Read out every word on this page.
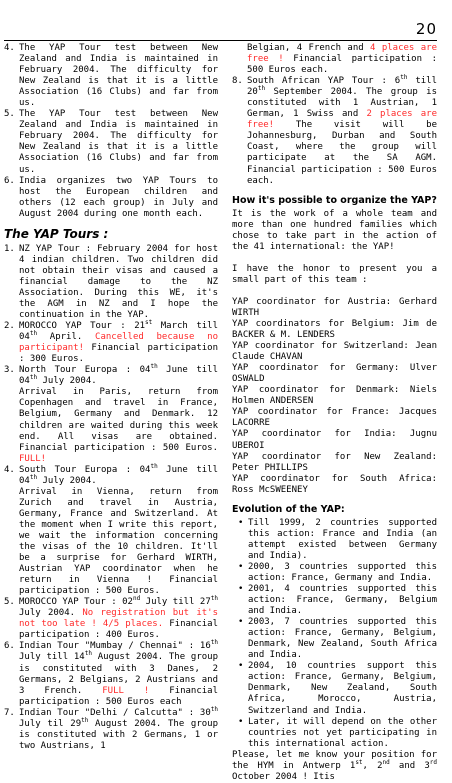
20
4. The YAP Tour test between New Zealand and India is maintained in February 2004. The difficulty for New Zealand is that it is a little Association (16 Clubs) and far from us.
5. The YAP Tour test between New Zealand and India is maintained in February 2004. The difficulty for New Zealand is that it is a little Association (16 Clubs) and far from us.
6. India organizes two YAP Tours to host the European children and others (12 each group) in July and August 2004 during one month each.
The YAP Tours :
1. NZ YAP Tour : February 2004 for host 4 indian children. Two children did not obtain their visas and caused a financial damage to the NZ Association. During this WE, it's the AGM in NZ and I hope the continuation in the YAP.
2. MOROCCO YAP Tour : 21st March till 04th April. Cancelled because no participant! Financial participation : 300 Euros.
3. North Tour Europa : 04th June till 04th July 2004.
Arrival in Paris, return from Copenhagen and travel in France, Belgium, Germany and Denmark. 12 children are waited during this week end. All visas are obtained. Financial participation : 500 Euros. FULL!
4. South Tour Europa : 04th June till 04th July 2004.
Arrival in Vienna, return from Zurich and travel in Austria, Germany, France and Switzerland. At the moment when I write this report, we wait the information concerning the visas of the 10 children. It'll be a surprise for Gerhard WIRTH, Austrian YAP coordinator when he return in Vienna ! Financial participation : 500 Euros.
5. MOROCCO YAP Tour : 02nd July till 27th July 2004. No registration but it's not too late ! 4/5 places. Financial participation : 400 Euros.
6. Indian Tour "Mumbay / Chennai" : 16th July till 14th August 2004. The group is constituted with 3 Danes, 2 Germans, 2 Belgians, 2 Austrians and 3 French. FULL ! Financial participation : 500 Euros each
7. Indian Tour "Delhi / Calcutta" : 30th July til 29th August 2004. The group is constituted with 2 Germans, 1 or two Austrians, 1
Belgian, 4 French and 4 places are free ! Financial participation : 500 Euros each.
8. South African YAP Tour : 6th till 20th September 2004. The group is constituted with 1 Austrian, 1 German, 1 Swiss and 2 places are free! The visit will be Johannesburg, Durban and South Coast, where the group will participate at the SA AGM. Financial participation : 500 Euros each.
How it's possible to organize the YAP?

It is the work of a whole team and more than one hundred families which chose to take part in the action of the 41 international: the YAP!

I have the honor to present you a small part of this team :

YAP coordinator for Austria: Gerhard WIRTH

YAP coordinators for Belgium: Jim de BACKER & M. LENDERS

YAP coordinator for Switzerland: Jean Claude CHAVAN

YAP coordinator for Germany: Ulver OSWALD

YAP coordinator for Denmark: Niels Holmen ANDERSEN

YAP coordinator for France: Jacques LACORRE

YAP coordinator for India: Jugnu UBEROI

YAP coordinator for New Zealand: Peter PHILLIPS

YAP coordinator for South Africa: Ross McSWEENEY

Evolution of the YAP:
• Till 1999, 2 countries supported this action: France and India (an attempt existed between Germany and India).
• 2000, 3 countries supported this action: France, Germany and India.
• 2001, 4 countries supported this action: France, Germany, Belgium and India.
• 2003, 7 countries supported this action: France, Germany, Belgium, Denmark, New Zealand, South Africa and India.
• 2004, 10 countries support this action: France, Germany, Belgium, Denmark, New Zealand, South Africa, Morocco, Austria, Switzerland and India.
• Later, it will depend on the other countries not yet participating in this international action.

Please, let me know your position for the HYM in Antwerp 1st, 2nd and 3rd October 2004 ! Itis
